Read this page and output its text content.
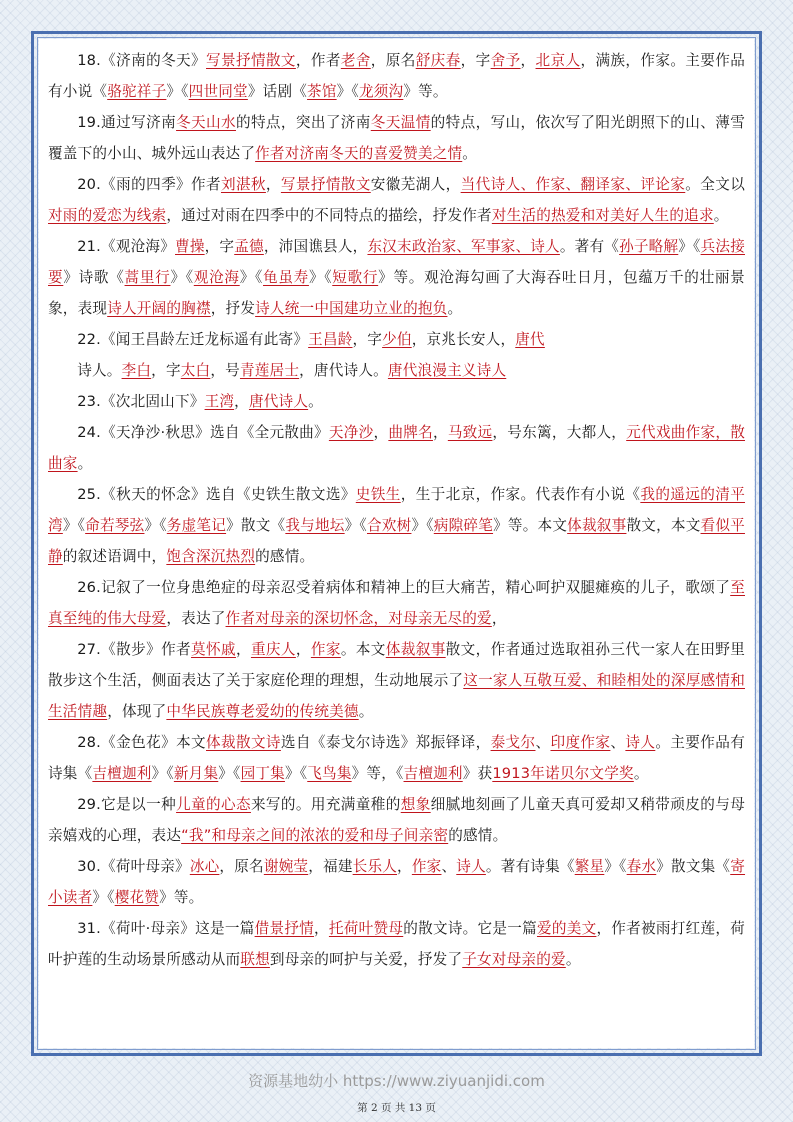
18.《济南的冬天》写景抒情散文，作者老舍，原名舒庆春，字舍予，北京人，满族，作家。主要作品有小说《骆驼祥子》《四世同堂》话剧《茶馆》《龙须沟》等。

19.通过写济南冬天山水的特点，突出了济南冬天温情的特点，写山，依次写了阳光朗照下的山、薄雪覆盖下的小山、城外远山表达了作者对济南冬天的喜爱赞美之情。

20.《雨的四季》作者刘湛秋，写景抒情散文安徽芜湖人，当代诗人、作家、翻译家、评论家。全文以对雨的爱恋为线索，通过对雨在四季中的不同特点的描绘，抒发作者对生活的热爱和对美好人生的追求。

21.《观沧海》曹操，字孟德，沛国谯县人，东汉末政治家、军事家、诗人。著有《孙子略解》《兵法接要》诗歌《蒿里行》《观沧海》《龟虽寿》《短歌行》等。观沧海勾画了大海吞吐日月，包蕴万千的壮丽景象，表现诗人开阔的胸襟，抒发诗人统一中国建功立业的抱负。

22.《闻王昌龄左迁龙标遥有此寄》王昌龄，字少伯，京兆长安人，唐代

诗人。李白，字太白，号青莲居士，唐代诗人。唐代浪漫主义诗人

23.《次北固山下》王湾，唐代诗人。

24.《天净沙·秋思》选自《全元散曲》天净沙，曲牌名，马致远，号东篱，大都人，元代戏曲作家，散曲家。

25.《秋天的怀念》选自《史铁生散文选》史铁生，生于北京，作家。代表作有小说《我的遥远的清平湾》《命若琴弦》《务虚笔记》散文《我与地坛》《合欢树》《病隙碎笔》等。本文体裁叙事散文，本文看似平静的叙述语调中，饱含深沉热烈的感情。

26.记叙了一位身患绝症的母亲忍受着病体和精神上的巨大痛苦，精心呵护双腿瘫痪的儿子，歌颂了至真至纯的伟大母爱，表达了作者对母亲的深切怀念，对母亲无尽的爱，

27.《散步》作者莫怀戚，重庆人，作家。本文体裁叙事散文，作者通过选取祖孙三代一家人在田野里散步这个生活，侧面表达了关于家庭伦理的理想，生动地展示了这一家人互敬互爱、和睦相处的深厚感情和生活情趣，体现了中华民族尊老爱幼的传统美德。

28.《金色花》本文体裁散文诗选自《泰戈尔诗选》郑振铎译，泰戈尔、印度作家、诗人。主要作品有诗集《吉檀迦利》《新月集》《园丁集》《飞鸟集》等，《吉檀迦利》获1913年诺贝尔文学奖。

29.它是以一种儿童的心态来写的。用充满童稚的想象细腻地刻画了儿童天真可爱却又稍带顽皮的与母亲嬉戏的心理，表达“我”和母亲之间的浓浓的爱和母子间亲密的感情。

30.《荷叶母亲》冰心，原名谢婉莹，福建长乐人，作家、诗人。著有诗集《繁星》《春水》散文集《寄小读者》《樱花赞》等。

31.《荷叶·母亲》这是一篇借景抒情，托荷叶赞母的散文诗。它是一篇爱的美文，作者被雨打红莲，荷叶护莲的生动场景所感动从而联想到母亲的呵护与关爱，抒发了子女对母亲的爱。

资源基地幼小 https://www.ziyuanjidi.com
第 2 页 共 13 页
